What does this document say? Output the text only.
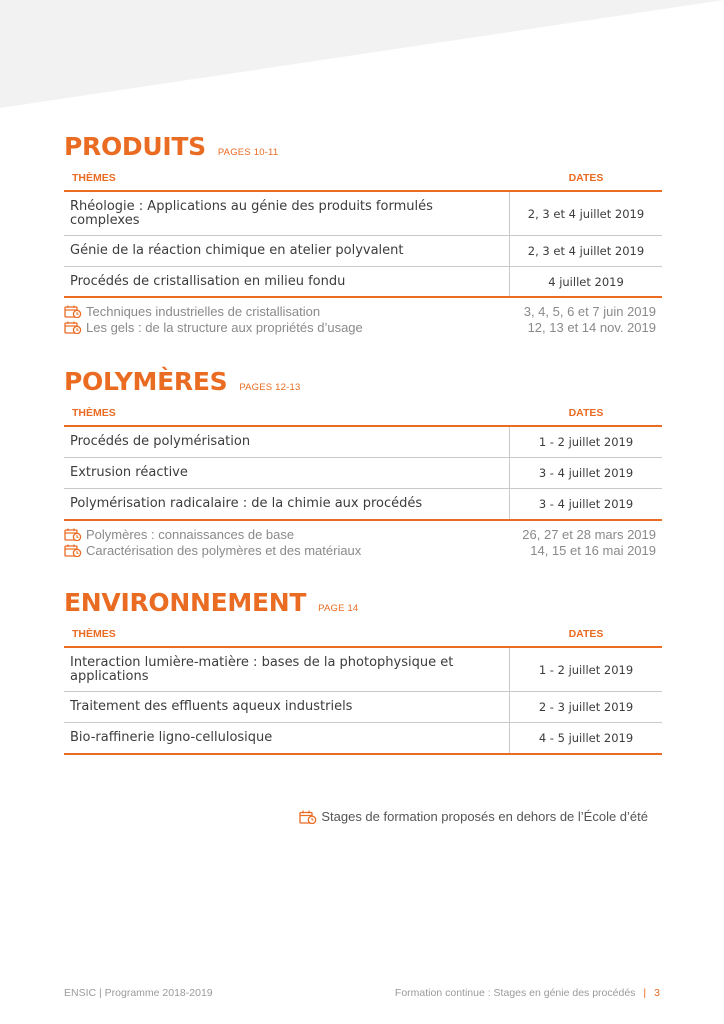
PRODUITS PAGES 10-11
THÈMES	DATES
Rhéologie : Applications au génie des produits formulés complexes	2, 3 et 4 juillet 2019
Génie de la réaction chimique en atelier polyvalent	2, 3 et 4 juillet 2019
Procédés de cristallisation en milieu fondu	4 juillet 2019
Techniques industrielles de cristallisation	3, 4, 5, 6 et 7 juin 2019
Les gels : de la structure aux propriétés d’usage	12, 13 et 14 nov. 2019
POLYMÈRES PAGES 12-13
THÈMES	DATES
Procédés de polymérisation	1 - 2 juillet 2019
Extrusion réactive	3 - 4 juillet 2019
Polymérisation radicalaire : de la chimie aux procédés	3 - 4 juillet 2019
Polymères : connaissances de base	26, 27 et 28 mars 2019
Caractérisation des polymères et des matériaux	14, 15 et 16 mai 2019
ENVIRONNEMENT PAGE 14
THÈMES	DATES
Interaction lumière-matière : bases de la photophysique et applications	1 - 2 juillet 2019
Traitement des effluents aqueux industriels	2 - 3 juillet 2019
Bio-raffinerie ligno-cellulosique	4 - 5 juillet 2019
Stages de formation proposés en dehors de l’École d’été
ENSIC | Programme 2018-2019	Formation continue : Stages en génie des procédés | 3
